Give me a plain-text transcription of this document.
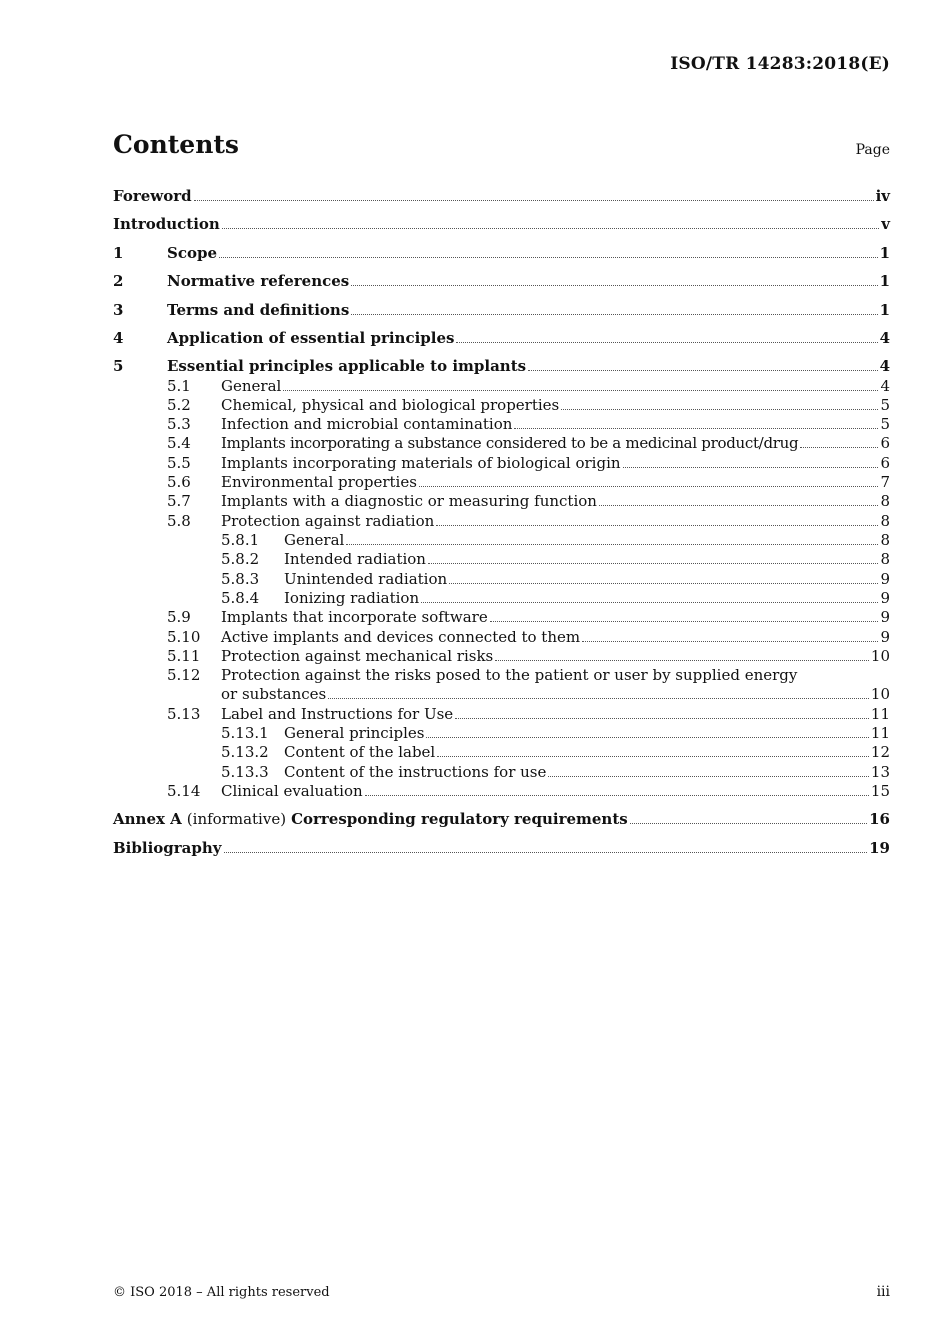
ISO/TR 14283:2018(E)
Contents	Page
Foreword	iv
Introduction	v
1	Scope	1
2	Normative references	1
3	Terms and definitions	1
4	Application of essential principles	4
5	Essential principles applicable to implants	4
5.1	General	4
5.2	Chemical, physical and biological properties	5
5.3	Infection and microbial contamination	5
5.4	Implants incorporating a substance considered to be a medicinal product/drug	6
5.5	Implants incorporating materials of biological origin	6
5.6	Environmental properties	7
5.7	Implants with a diagnostic or measuring function	8
5.8	Protection against radiation	8
5.8.1	General	8
5.8.2	Intended radiation	8
5.8.3	Unintended radiation	9
5.8.4	Ionizing radiation	9
5.9	Implants that incorporate software	9
5.10	Active implants and devices connected to them	9
5.11	Protection against mechanical risks	10
5.12	Protection against the risks posed to the patient or user by supplied energy
or substances	10
5.13	Label and Instructions for Use	11
5.13.1	General principles	11
5.13.2	Content of the label	12
5.13.3	Content of the instructions for use	13
5.14	Clinical evaluation	15
Annex A (informative) Corresponding regulatory requirements	16
Bibliography	19
© ISO 2018 – All rights reserved	iii
